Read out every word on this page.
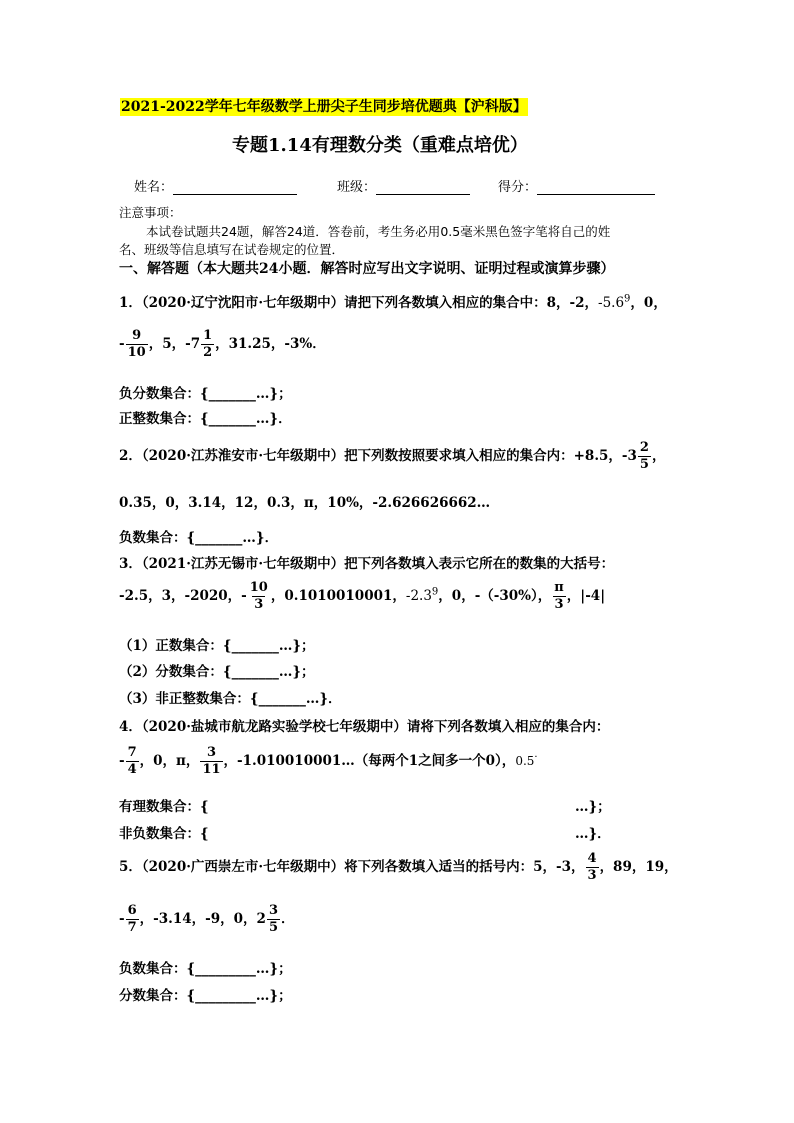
2021-2022学年七年级数学上册尖子生同步培优题典【沪科版】
专题1.14有理数分类（重难点培优）
姓名：	班级：	得分：
注意事项：
本试卷试题共24题，解答24道．答卷前，考生务必用0.5毫米黑色签字笔将自己的姓
名、班级等信息填写在试卷规定的位置．
一、解答题（本大题共24小题．解答时应写出文字说明、证明过程或演算步骤）
1．（2020·辽宁沈阳市·七年级期中）请把下列各数填入相应的集合中：8，-2，$-5.6^9$，0，
- $\frac{9}{10}$ ，5，$-7 \frac{1}{2}$ ，31.25，-3%．
负分数集合：{_______…}；
正整数集合：{_______…}．
2．（2020·江苏淮安市·七年级期中）把下列数按照要求填入相应的集合内：+8.5，$-3 \frac{2}{5}$ ，
0.35，0，3.14，12，0.3，π，10%，-2.626626662…
负数集合：{_______…}．
3．（2021·江苏无锡市·七年级期中）把下列各数填入表示它所在的数集的大括号：
-2.5，3，-2020，- $\frac{10}{3}$ ，0.1010010001，$-2.3^9$，0，-（-30%）， $\frac{\pi}{3}$ ，|-4|
（1）正数集合：{_______…}；
（2）分数集合：{_______…}；
（3）非正整数集合：{_______…}．
4．（2020·盐城市航龙路实验学校七年级期中）请将下列各数填入相应的集合内：
- $\frac{7}{4}$ ，0，π， $\frac{3}{11}$ ，-1.010010001…（每两个1之间多一个0），0.5·
有理数集合：{	…}；
非负数集合：{	…}．
5．（2020·广西崇左市·七年级期中）将下列各数填入适当的括号内：5，-3， $\frac{4}{3}$ ，89，19，
- $\frac{6}{7}$ ，-3.14，-9，0，$2 \frac{3}{5}$ ．
负数集合：{_________…}；
分数集合：{_________…}；
